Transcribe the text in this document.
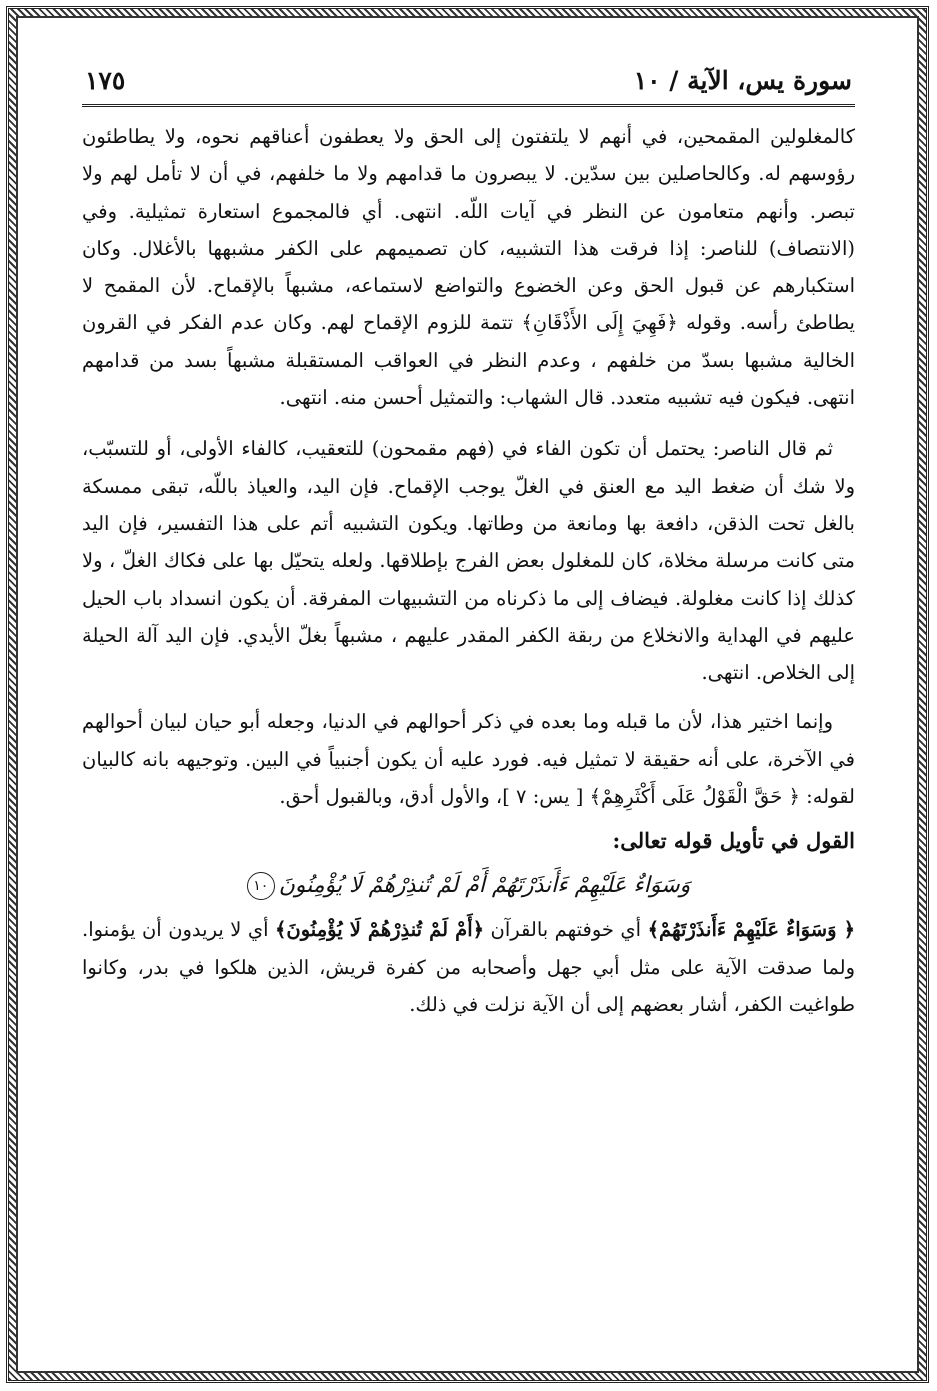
سورة يس، الآية / ١٠
١٧٥

كالمغلولين المقمحين، في أنهم لا يلتفتون إلى الحق ولا يعطفون أعناقهم نحوه، ولا يطاطئون رؤوسهم له. وكالحاصلين بين سدّين. لا يبصرون ما قدامهم ولا ما خلفهم، في أن لا تأمل لهم ولا تبصر. وأنهم متعامون عن النظر في آيات اللّه. انتهى. أي فالمجموع استعارة تمثيلية. وفي (الانتصاف) للناصر: إذا فرقت هذا التشبيه، كان تصميمهم على الكفر مشبهها بالأغلال. وكان استكبارهم عن قبول الحق وعن الخضوع والتواضع لاستماعه، مشبهاً بالإقماح. لأن المقمح لا يطاطئ رأسه. وقوله ﴿فَهِيَ إِلَى الأَذْقَانِ﴾ تتمة للزوم الإقماح لهم. وكان عدم الفكر في القرون الخالية مشبها بسدّ من خلفهم ، وعدم النظر في العواقب المستقبلة مشبهاً بسد من قدامهم انتهى. فيكون فيه تشبيه متعدد. قال الشهاب: والتمثيل أحسن منه. انتهى.

ثم قال الناصر: يحتمل أن تكون الفاء في (فهم مقمحون) للتعقيب، كالفاء الأولى، أو للتسبّب، ولا شك أن ضغط اليد مع العنق في الغلّ يوجب الإقماح. فإن اليد، والعياذ باللّه، تبقى ممسكة بالغل تحت الذقن، دافعة بها ومانعة من وطاتها. ويكون التشبيه أتم على هذا التفسير، فإن اليد متى كانت مرسلة مخلاة، كان للمغلول بعض الفرج بإطلاقها. ولعله يتحيّل بها على فكاك الغلّ ، ولا كذلك إذا كانت مغلولة. فيضاف إلى ما ذكرناه من التشبيهات المفرقة. أن يكون انسداد باب الحيل عليهم في الهداية والانخلاع من ربقة الكفر المقدر عليهم ، مشبهاً بغلّ الأيدي. فإن اليد آلة الحيلة إلى الخلاص. انتهى.

وإنما اختير هذا، لأن ما قبله وما بعده في ذكر أحوالهم في الدنيا، وجعله أبو حيان لبيان أحوالهم في الآخرة، على أنه حقيقة لا تمثيل فيه. فورد عليه أن يكون أجنبياً في البين. وتوجيهه بانه كالبيان لقوله: ﴿ حَقَّ الْقَوْلُ عَلَى أَكْثَرِهِمْ﴾ [ يس: ٧ ]، والأول أدق، وبالقبول أحق.

القول في تأويل قوله تعالى:

وَسَوَاءٌ عَلَيْهِمْ ءَأَنذَرْتَهُمْ أَمْ لَمْ تُنذِرْهُمْ لَا يُؤْمِنُونَ١٠

﴿ وَسَوَاءٌ عَلَيْهِمْ ءَأَنذَرْتَهُمْ﴾ أي خوفتهم بالقرآن ﴿أَمْ لَمْ تُنذِرْهُمْ لَا يُؤْمِنُونَ﴾ أي لا يريدون أن يؤمنوا. ولما صدقت الآية على مثل أبي جهل وأصحابه من كفرة قريش، الذين هلكوا في بدر، وكانوا طواغيت الكفر، أشار بعضهم إلى أن الآية نزلت في ذلك.
